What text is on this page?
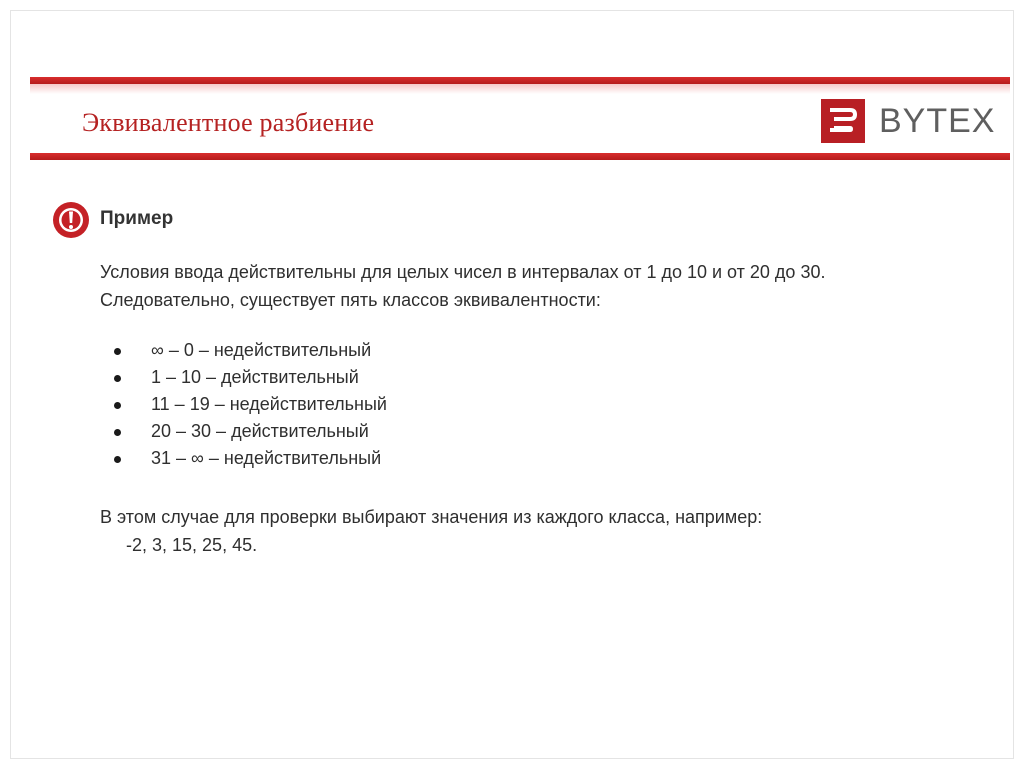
Эквивалентное разбиение	BYTEX
Пример
Условия ввода действительны для целых чисел в интервалах от 1 до 10 и от 20 до 30.
Следовательно, существует пять классов эквивалентности:
∞ – 0 – недействительный
1 – 10 – действительный
11 – 19 – недействительный
20 – 30 – действительный
31 – ∞ – недействительный
В этом случае для проверки выбирают значения из каждого класса, например:
-2, 3, 15, 25, 45.
